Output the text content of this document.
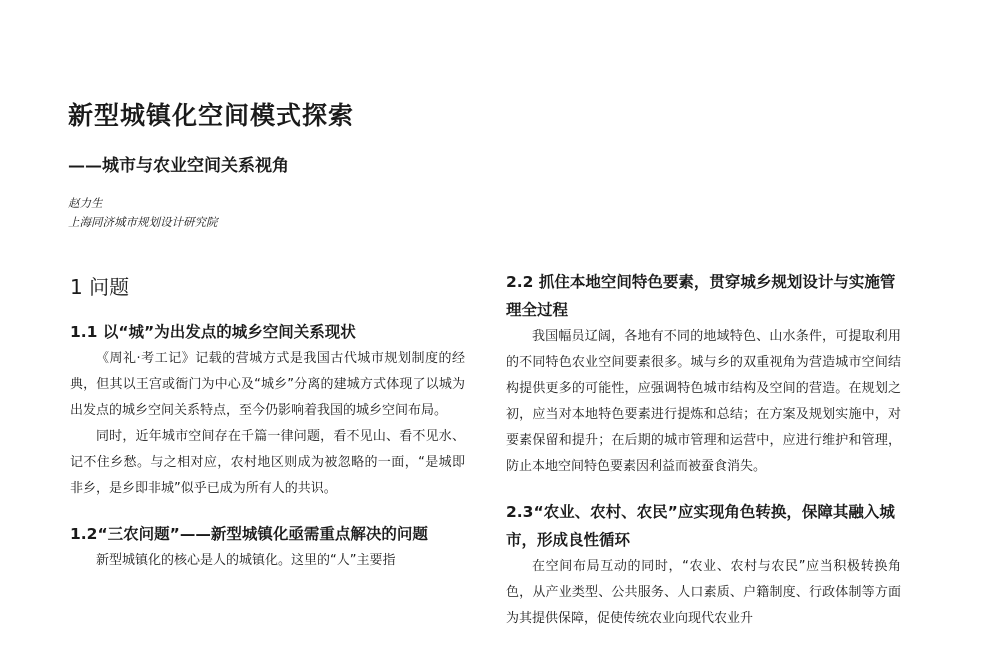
新型城镇化空间模式探索
——城市与农业空间关系视角
赵力生
上海同济城市规划设计研究院
1 问题
1.1 以“城”为出发点的城乡空间关系现状

《周礼·考工记》记载的营城方式是我国古代城市规划制度的经典，但其以王宫或衙门为中心及“城乡”分离的建城方式体现了以城为出发点的城乡空间关系特点，至今仍影响着我国的城乡空间布局。

同时，近年城市空间存在千篇一律问题，看不见山、看不见水、记不住乡愁。与之相对应，农村地区则成为被忽略的一面，“是城即非乡，是乡即非城”似乎已成为所有人的共识。

1.2“三农问题”——新型城镇化亟需重点解决的问题

新型城镇化的核心是人的城镇化。这里的“人”主要指

2.2 抓住本地空间特色要素，贯穿城乡规划设计与实施管理全过程

我国幅员辽阔，各地有不同的地域特色、山水条件，可提取利用的不同特色农业空间要素很多。城与乡的双重视角为营造城市空间结构提供更多的可能性，应强调特色城市结构及空间的营造。在规划之初，应当对本地特色要素进行提炼和总结；在方案及规划实施中，对要素保留和提升；在后期的城市管理和运营中，应进行维护和管理，防止本地空间特色要素因利益而被蚕食消失。

2.3“农业、农村、农民”应实现角色转换，保障其融入城市，形成良性循环

在空间布局互动的同时，“农业、农村与农民”应当积极转换角色，从产业类型、公共服务、人口素质、户籍制度、行政体制等方面为其提供保障，促使传统农业向现代农业升
